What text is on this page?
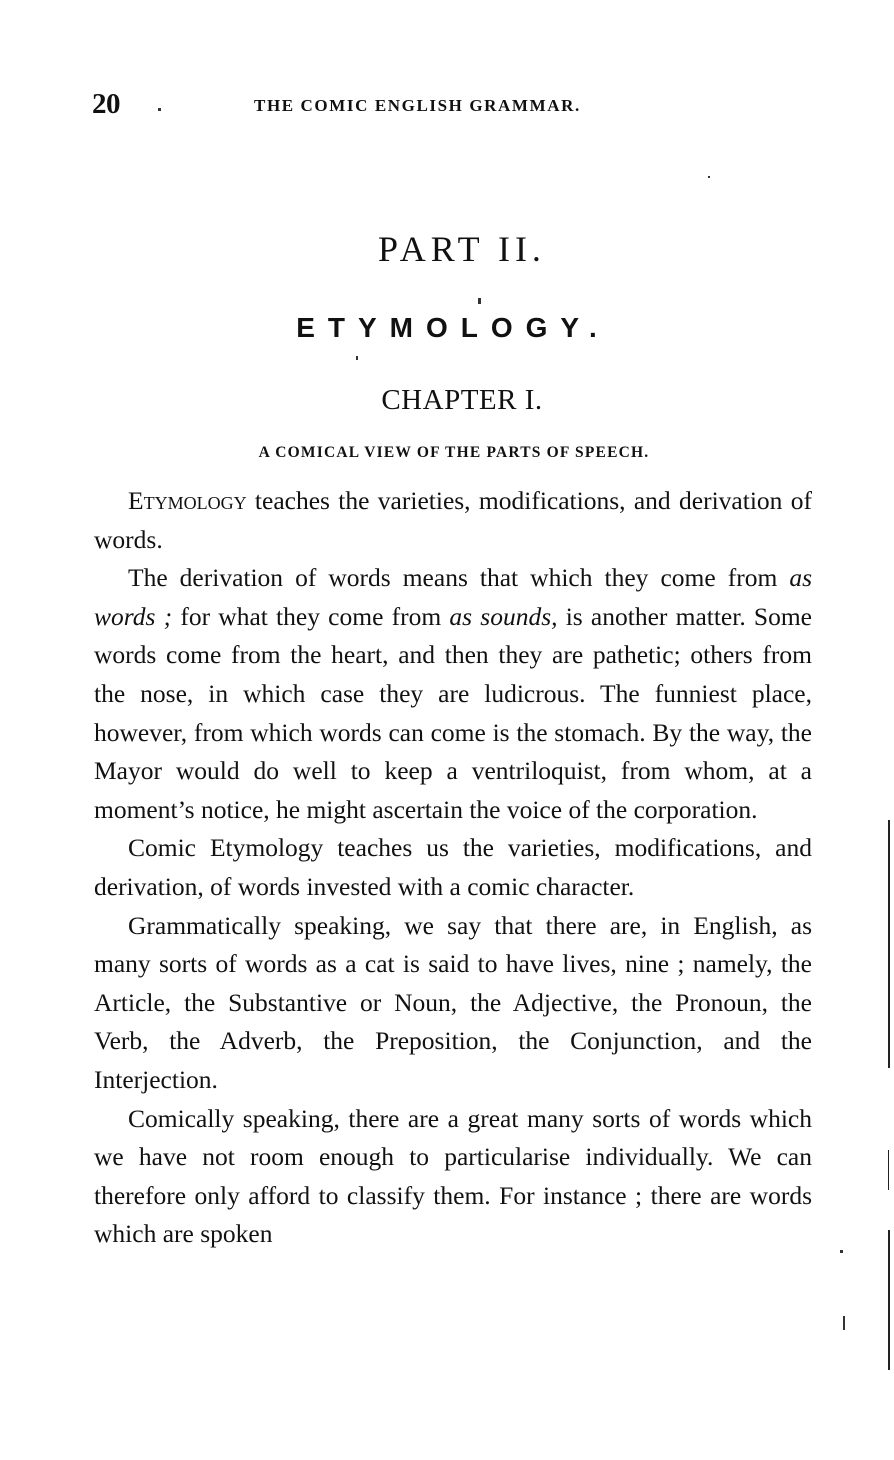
20	THE COMIC ENGLISH GRAMMAR.
PART II.
ETYMOLOGY.
CHAPTER I.
A COMICAL VIEW OF THE PARTS OF SPEECH.

Etymology teaches the varieties, modifications, and derivation of words.

The derivation of words means that which they come from as words ; for what they come from as sounds, is another matter. Some words come from the heart, and then they are pathetic; others from the nose, in which case they are ludicrous. The funniest place, however, from which words can come is the stomach. By the way, the Mayor would do well to keep a ventriloquist, from whom, at a moment’s notice, he might ascertain the voice of the corporation.

Comic Etymology teaches us the varieties, modifications, and derivation, of words invested with a comic character.

Grammatically speaking, we say that there are, in English, as many sorts of words as a cat is said to have lives, nine ; namely, the Article, the Substantive or Noun, the Adjective, the Pronoun, the Verb, the Adverb, the Preposition, the Conjunction, and the Interjection.

Comically speaking, there are a great many sorts of words which we have not room enough to particularise individually. We can therefore only afford to classify them. For instance ; there are words which are spoken
